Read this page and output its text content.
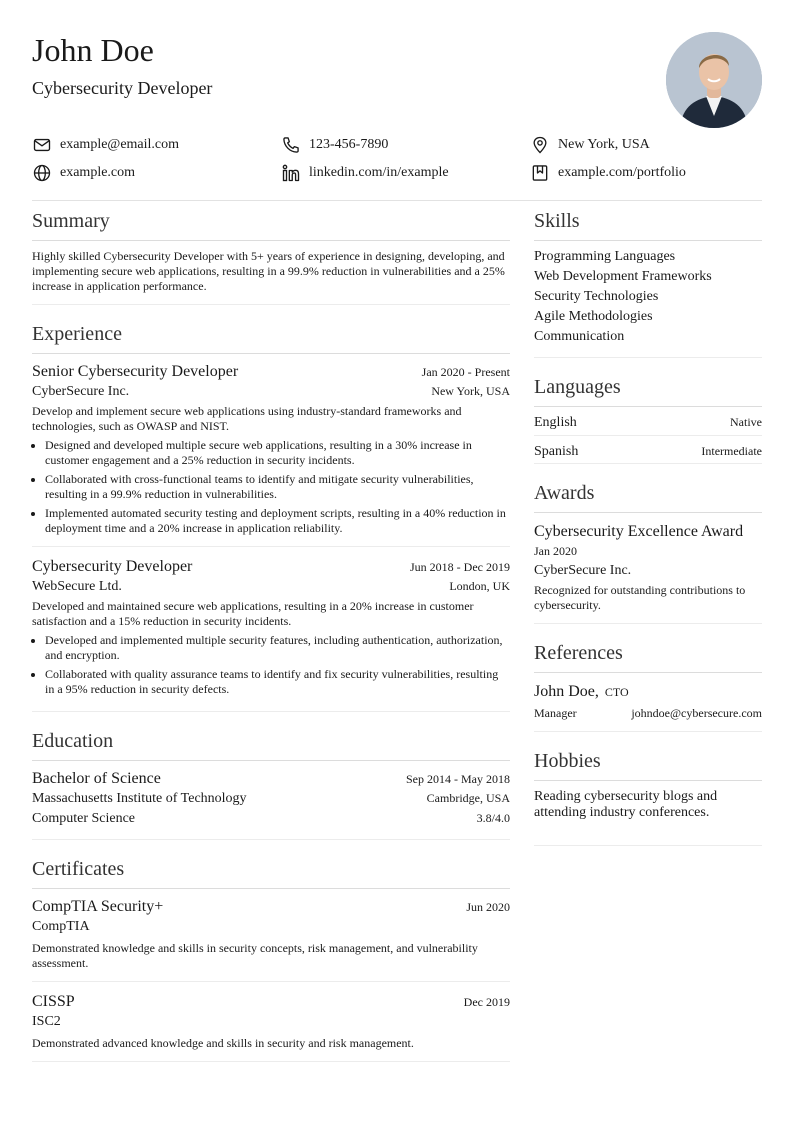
John Doe
Cybersecurity Developer
example@email.com	123-456-7890	New York, USA
example.com	linkedin.com/in/example	example.com/portfolio
Summary

Highly skilled Cybersecurity Developer with 5+ years of experience in designing, developing, and implementing secure web applications, resulting in a 99.9% reduction in vulnerabilities and a 25% increase in application performance.

Experience
Senior Cybersecurity Developer	Jan 2020 - Present
CyberSecure Inc.	New York, USA

Develop and implement secure web applications using industry-standard frameworks and technologies, such as OWASP and NIST.

• Designed and developed multiple secure web applications, resulting in a 30% increase in customer engagement and a 25% reduction in security incidents.
• Collaborated with cross-functional teams to identify and mitigate security vulnerabilities, resulting in a 99.9% reduction in vulnerabilities.
• Implemented automated security testing and deployment scripts, resulting in a 40% reduction in deployment time and a 20% increase in application reliability.
Cybersecurity Developer	Jun 2018 - Dec 2019
WebSecure Ltd.	London, UK

Developed and maintained secure web applications, resulting in a 20% increase in customer satisfaction and a 15% reduction in security incidents.

• Developed and implemented multiple security features, including authentication, authorization, and encryption.
• Collaborated with quality assurance teams to identify and fix security vulnerabilities, resulting in a 95% reduction in security defects.
Education
Bachelor of Science	Sep 2014 - May 2018
Massachusetts Institute of Technology	Cambridge, USA
Computer Science	3.8/4.0
Certificates
CompTIA Security+	Jun 2020
CompTIA

Demonstrated knowledge and skills in security concepts, risk management, and vulnerability assessment.

CISSP	Dec 2019
ISC2

Demonstrated advanced knowledge and skills in security and risk management.

Skills
Programming Languages
Web Development Frameworks
Security Technologies
Agile Methodologies
Communication
Languages
English	Native
Spanish	Intermediate
Awards
Cybersecurity Excellence Award
Jan 2020
CyberSecure Inc.

Recognized for outstanding contributions to cybersecurity.

References
John Doe, CTO
Manager	johndoe@cybersecure.com
Hobbies

Reading cybersecurity blogs and attending industry conferences.
